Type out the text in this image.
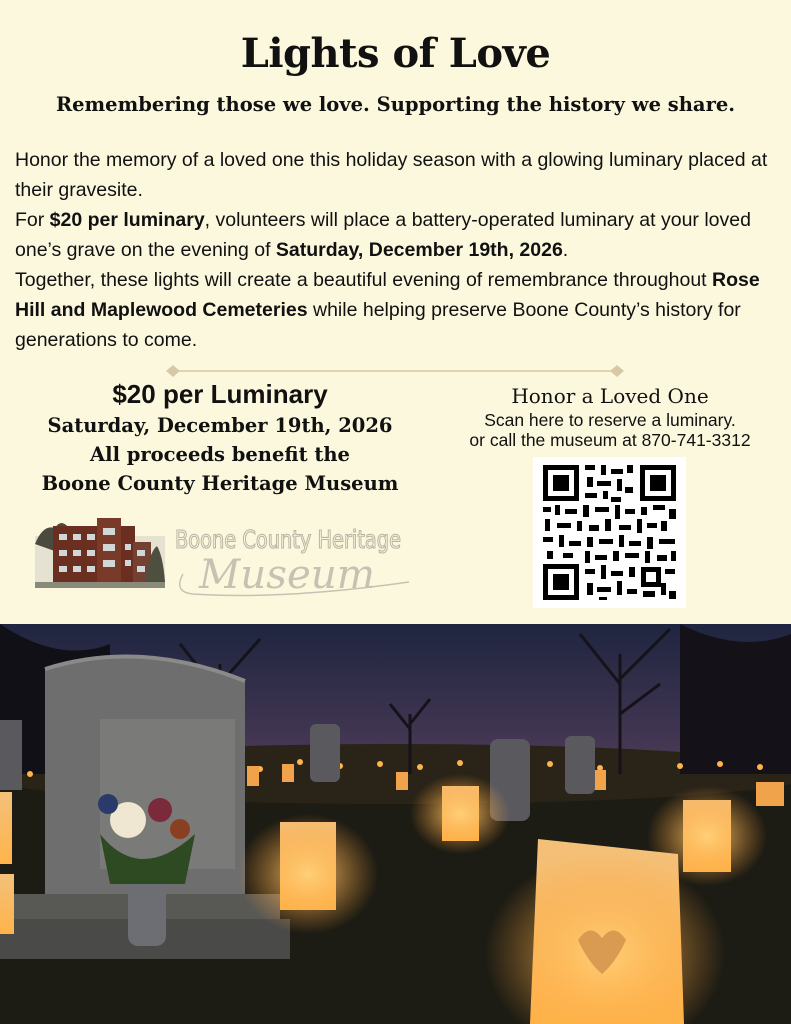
Lights of Love
Remembering those we love. Supporting the history we share.

Honor the memory of a loved one this holiday season with a glowing luminary placed at their gravesite.

For $20 per luminary, volunteers will place a battery-operated luminary at your loved one’s grave on the evening of Saturday, December 19th, 2026.

Together, these lights will create a beautiful evening of remembrance throughout Rose Hill and Maplewood Cemeteries while helping preserve Boone County’s history for generations to come.

$20 per Luminary
Saturday, December 19th, 2026
All proceeds benefit the
Boone County Heritage Museum
Honor a Loved One
Scan here to reserve a luminary.
or call the museum at 870-741-3312
Boone County Heritage
Museum
